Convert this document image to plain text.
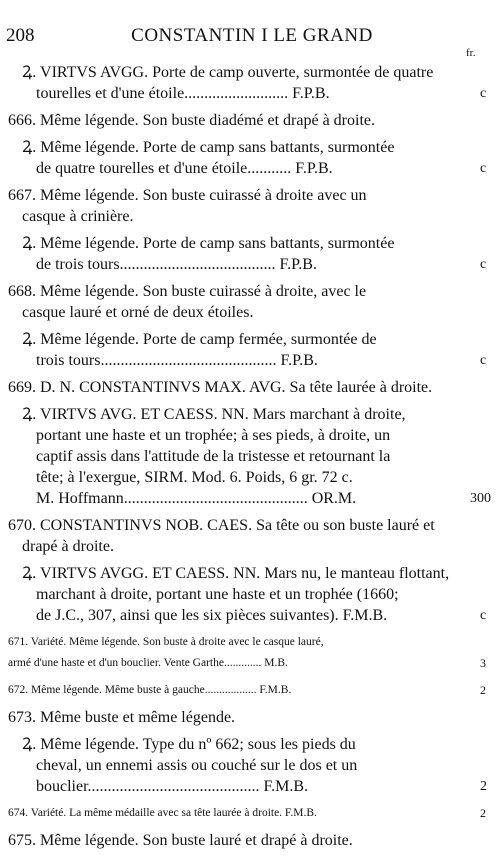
208	CONSTANTIN I LE GRAND
fr.
Ꝝ. VIRTVS AVGG. Porte de camp ouverte, surmontée de quatre
tourelles et d'une étoile.......................... F.P.B.	c
666. Même légende. Son buste diadémé et drapé à droite.
Ꝝ. Même légende. Porte de camp sans battants, surmontée
de quatre tourelles et d'une étoile........... F.P.B.	c
667. Même légende. Son buste cuirassé à droite avec un
casque à crinière.
Ꝝ. Même légende. Porte de camp sans battants, surmontée
de trois tours....................................... F.P.B.	c
668. Même légende. Son buste cuirassé à droite, avec le
casque lauré et orné de deux étoiles.
Ꝝ. Même légende. Porte de camp fermée, surmontée de
trois tours............................................ F.P.B.	c
669. D. N. CONSTANTINVS MAX. AVG. Sa tête laurée à droite.
Ꝝ. VIRTVS AVG. ET CAESS. NN. Mars marchant à droite,
portant une haste et un trophée; à ses pieds, à droite, un
captif assis dans l'attitude de la tristesse et retournant la
tête; à l'exergue, SIRM. Mod. 6. Poids, 6 gr. 72 c.
M. Hoffmann.............................................. OR.M.	300
670. CONSTANTINVS NOB. CAES. Sa tête ou son buste lauré et
drapé à droite.
Ꝝ. VIRTVS AVGG. ET CAESS. NN. Mars nu, le manteau flottant,
marchant à droite, portant une haste et un trophée (1660;
de J.C., 307, ainsi que les six pièces suivantes). F.M.B.	c
671. Variété. Même légende. Son buste à droite avec le casque lauré,
armé d'une haste et d'un bouclier. Vente Garthe............. M.B.	3
672. Même légende. Même buste à gauche.................. F.M.B.	2
673. Même buste et même légende.
Ꝝ. Même légende. Type du nº 662; sous les pieds du
cheval, un ennemi assis ou couché sur le dos et un
bouclier........................................... F.M.B.	2
674. Variété. La même médaille avec sa tête laurée à droite. F.M.B.	2
675. Même légende. Son buste lauré et drapé à droite.
